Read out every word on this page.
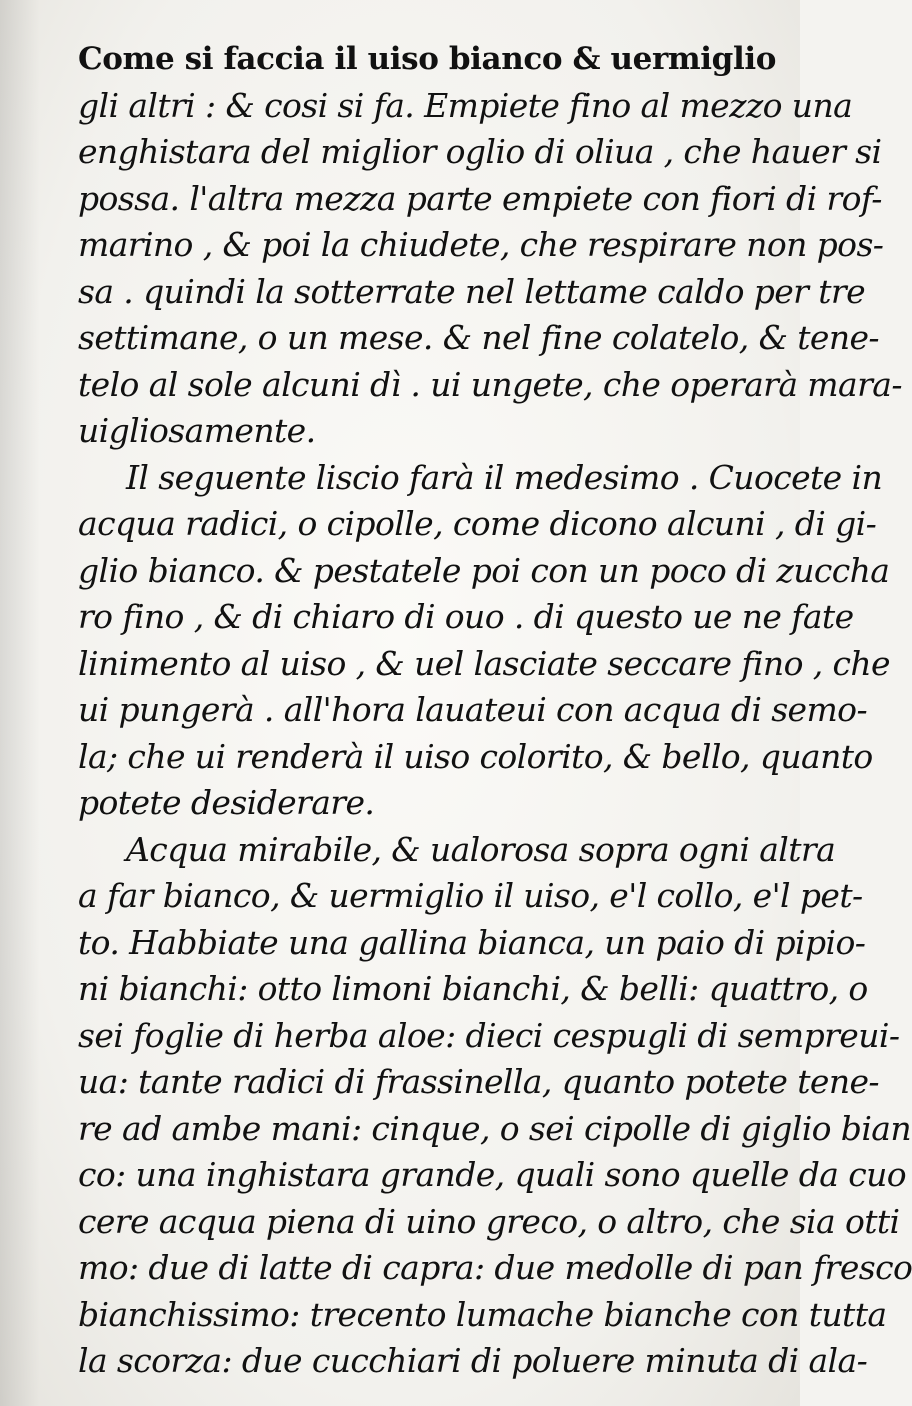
Come si faccia il uiso bianco & uermiglio
gli altri : & cosi si fa. Empiete fino al mezzo una
enghistara del miglior oglio di oliua , che hauer si
possa. l'altra mezza parte empiete con fiori di rof-
marino , & poi la chiudete, che respirare non pos-
sa . quindi la sotterrate nel lettame caldo per tre
settimane, o un mese. & nel fine colatelo, & tene-
telo al sole alcuni dì . ui ungete, che operarà mara-
uigliosamente.
Il seguente liscio farà il medesimo . Cuocete in
acqua radici, o cipolle, come dicono alcuni , di gi-
glio bianco. & pestatele poi con un poco di zuccha
ro fino , & di chiaro di ouo . di questo ue ne fate
linimento al uiso , & uel lasciate seccare fino , che
ui pungerà . all'hora lauateui con acqua di semo-
la; che ui renderà il uiso colorito, & bello, quanto
potete desiderare.
Acqua mirabile, & ualorosa sopra ogni altra
a far bianco, & uermiglio il uiso, e'l collo, e'l pet-
to. Habbiate una gallina bianca, un paio di pipio-
ni bianchi: otto limoni bianchi, & belli: quattro, o
sei foglie di herba aloe: dieci cespugli di sempreui-
ua: tante radici di frassinella, quanto potete tene-
re ad ambe mani: cinque, o sei cipolle di giglio bian
co: una inghistara grande, quali sono quelle da cuo
cere acqua piena di uino greco, o altro, che sia otti
mo: due di latte di capra: due medolle di pan fresco
bianchissimo: trecento lumache bianche con tutta
la scorza: due cucchiari di poluere minuta di ala-
